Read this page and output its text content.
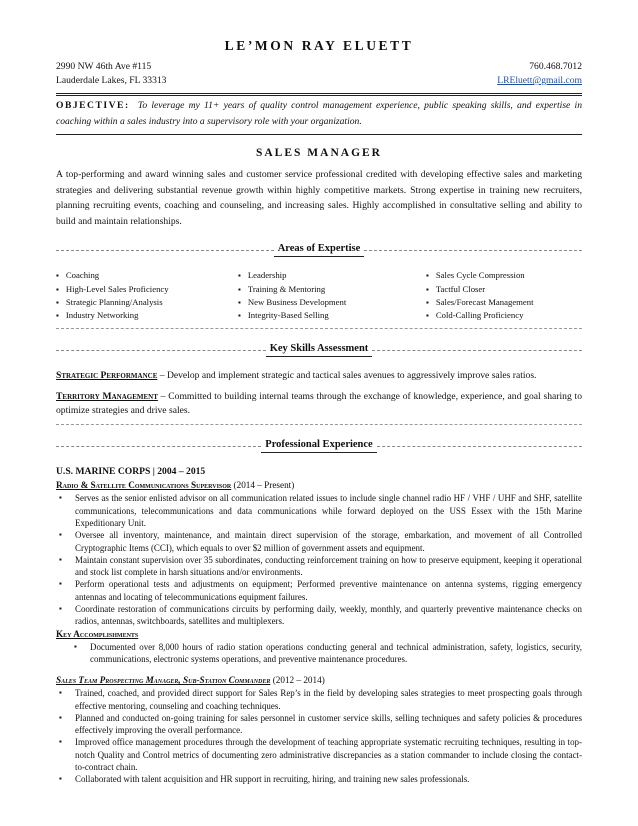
LE’MON RAY ELUETT
2990 NW 46th Ave #115	760.468.7012
Lauderdale Lakes, FL 33313	LREluett@gmail.com
OBJECTIVE: To leverage my 11+ years of quality control management experience, public speaking skills, and expertise in coaching within a sales industry into a supervisory role with your organization.
SALES MANAGER
A top-performing and award winning sales and customer service professional credited with developing effective sales and marketing strategies and delivering substantial revenue growth within highly competitive markets. Strong expertise in training new recruiters, planning recruiting events, coaching and counseling, and increasing sales. Highly accomplished in consultative selling and ability to build and maintain relationships.
Areas of Expertise
▪ Coaching
▪ High-Level Sales Proficiency
▪ Strategic Planning/Analysis
▪ Industry Networking
▪ Leadership
▪ Training & Mentoring
▪ New Business Development
▪ Integrity-Based Selling
▪ Sales Cycle Compression
▪ Tactful Closer
▪ Sales/Forecast Management
▪ Cold-Calling Proficiency
Key Skills Assessment
Strategic Performance – Develop and implement strategic and tactical sales avenues to aggressively improve sales ratios.
Territory Management – Committed to building internal teams through the exchange of knowledge, experience, and goal sharing to optimize strategies and drive sales.
Professional Experience
U.S. MARINE CORPS | 2004 – 2015
Radio & Satellite Communications Supervisor (2014 – Present)
▪ Serves as the senior enlisted advisor on all communication related issues to include single channel radio HF / VHF / UHF and SHF, satellite communications, telecommunications and data communications while forward deployed on the USS Essex with the 15th Marine Expeditionary Unit.
▪ Oversee all inventory, maintenance, and maintain direct supervision of the storage, embarkation, and movement of all Controlled Cryptographic Items (CCI), which equals to over $2 million of government assets and equipment.
▪ Maintain constant supervision over 35 subordinates, conducting reinforcement training on how to preserve equipment, keeping it operational and stock list complete in harsh situations and/or environments.
▪ Perform operational tests and adjustments on equipment; Performed preventive maintenance on antenna systems, rigging emergency antennas and locating of telecommunications equipment failures.
▪ Coordinate restoration of communications circuits by performing daily, weekly, monthly, and quarterly preventive maintenance checks on radios, antennas, switchboards, satellites and multiplexers.
Key Accomplishments
▪ Documented over 8,000 hours of radio station operations conducting general and technical administration, safety, logistics, security, communications, electronic systems operations, and preventive maintenance procedures.
Sales Team Prospecting Manager, Sub-Station Commander (2012 – 2014)
▪ Trained, coached, and provided direct support for Sales Rep’s in the field by developing sales strategies to meet prospecting goals through effective mentoring, counseling and coaching techniques.
▪ Planned and conducted on-going training for sales personnel in customer service skills, selling techniques and safety policies & procedures effectively improving the overall performance.
▪ Improved office management procedures through the development of teaching appropriate systematic recruiting techniques, resulting in top-notch Quality and Control metrics of documenting zero administrative discrepancies as a station commander to include closing the contact-to-contract chain.
▪ Collaborated with talent acquisition and HR support in recruiting, hiring, and training new sales professionals.
